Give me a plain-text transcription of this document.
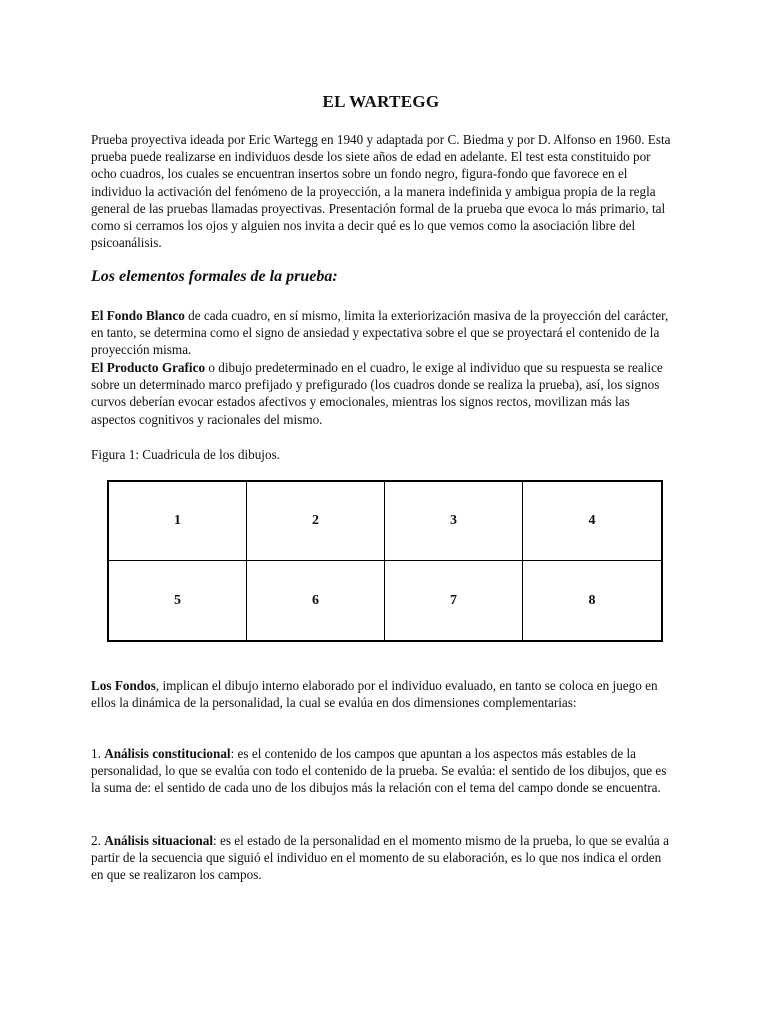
EL WARTEGG

Prueba proyectiva ideada por Eric Wartegg en 1940 y adaptada por C. Biedma y por D. Alfonso en 1960. Esta prueba puede realizarse en individuos desde los siete años de edad en adelante. El test esta constituido por ocho cuadros, los cuales se encuentran insertos sobre un fondo negro, figura-fondo que favorece en el individuo la activación del fenómeno de la proyección, a la manera indefinida y ambigua propia de la regla general de las pruebas llamadas proyectivas. Presentación formal de la prueba que evoca lo más primario, tal como si cerramos los ojos y alguien nos invita a decir qué es lo que vemos como la asociación libre del psicoanálisis.

Los elementos formales de la prueba:

El Fondo Blanco de cada cuadro, en sí mismo, limita la exteriorización masiva de la proyección del carácter, en tanto, se determina como el signo de ansiedad y expectativa sobre el que se proyectará el contenido de la proyección misma.

El Producto Grafico o dibujo predeterminado en el cuadro, le exige al individuo que su respuesta se realice sobre un determinado marco prefijado y prefigurado (los cuadros donde se realiza la prueba), así, los signos curvos deberían evocar estados afectivos y emocionales, mientras los signos rectos, movilizan más las aspectos cognitivos y racionales del mismo.

Figura 1: Cuadricula de los dibujos.

Los Fondos, implican el dibujo interno elaborado por el individuo evaluado, en tanto se coloca en juego en ellos la dinámica de la personalidad, la cual se evalúa en dos dimensiones complementarias:

1. Análisis constitucional: es el contenido de los campos que apuntan a los aspectos más estables de la personalidad, lo que se evalúa con todo el contenido de la prueba. Se evalúa: el sentido de los dibujos, que es la suma de: el sentido de cada uno de los dibujos más la relación con el tema del campo donde se encuentra.

2. Análisis situacional: es el estado de la personalidad en el momento mismo de la prueba, lo que se evalúa a partir de la secuencia que siguió el individuo en el momento de su elaboración, es lo que nos indica el orden en que se realizaron los campos.

1	2	3	4
5	6	7	8
